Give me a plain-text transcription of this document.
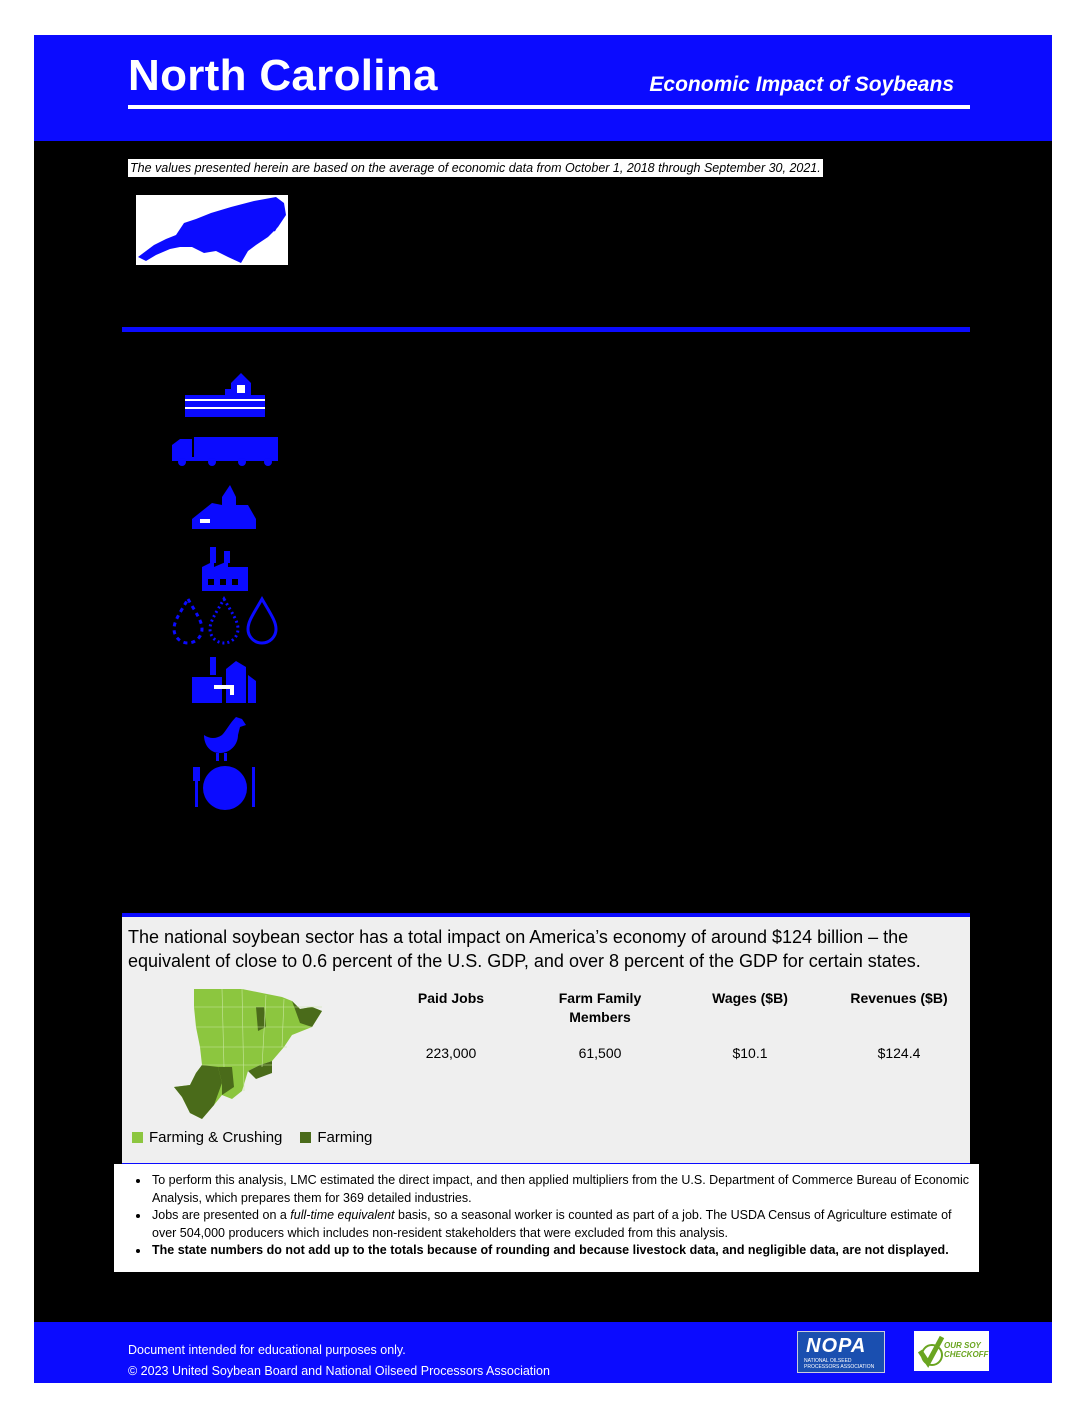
North Carolina	Economic Impact of Soybeans
The values presented herein are based on the average of economic data from October 1, 2018 through September 30, 2021.
The national soybean sector has a total impact on America’s economy of around $124 billion – the equivalent of close to 0.6 percent of the U.S. GDP, and over 8 percent of the GDP for certain states.
Farming & Crushing Farming
Paid Jobs
223,000
Farm Family Members
61,500
Wages ($B)
$10.1
Revenues ($B)
$124.4
• To perform this analysis, LMC estimated the direct impact, and then applied multipliers from the U.S. Department of Commerce Bureau of Economic Analysis, which prepares them for 369 detailed industries.
• Jobs are presented on a full-time equivalent basis, so a seasonal worker is counted as part of a job. The USDA Census of Agriculture estimate of over 504,000 producers which includes non-resident stakeholders that were excluded from this analysis.
• The state numbers do not add up to the totals because of rounding and because livestock data, and negligible data, are not displayed.
Document intended for educational purposes only.
© 2023 United Soybean Board and National Oilseed Processors Association
NOPA
NATIONAL OILSEED PROCESSORS ASSOCIATION
OUR SOY CHECKOFF
